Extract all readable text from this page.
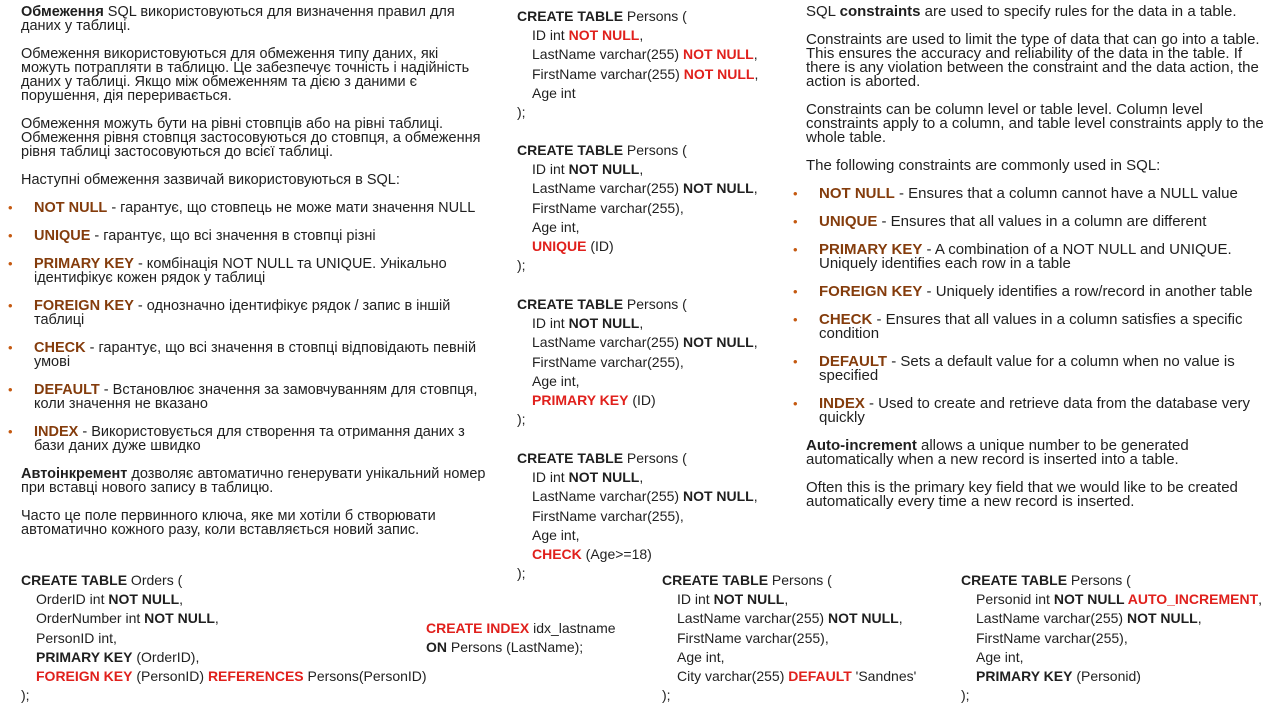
Обмеження SQL використовуються для визначення правил для даних у таблиці.

Обмеження використовуються для обмеження типу даних, які можуть потрапляти в таблицю. Це забезпечує точність і надійність даних у таблиці. Якщо між обмеженням та дією з даними є порушення, дія переривається.

Обмеження можуть бути на рівні стовпців або на рівні таблиці. Обмеження рівня стовпця застосовуються до стовпця, а обмеження рівня таблиці застосовуються до всієї таблиці.

Наступні обмеження зазвичай використовуються в SQL:

• NOT NULL - гарантує, що стовпець не може мати значення NULL

• UNIQUE - гарантує, що всі значення в стовпці різні

• PRIMARY KEY - комбінація NOT NULL та UNIQUE. Унікально ідентифікує кожен рядок у таблиці

• FOREIGN KEY - однозначно ідентифікує рядок / запис в іншій таблиці

• CHECK - гарантує, що всі значення в стовпці відповідають певній умові

• DEFAULT - Встановлює значення за замовчуванням для стовпця, коли значення не вказано

• INDEX - Використовується для створення та отримання даних з бази даних дуже швидко

Автоінкремент дозволяє автоматично генерувати унікальний номер при вставці нового запису в таблицю.

Часто це поле первинного ключа, яке ми хотіли б створювати автоматично кожного разу, коли вставляється новий запис.

SQL constraints are used to specify rules for the data in a table.

Constraints are used to limit the type of data that can go into a table. This ensures the accuracy and reliability of the data in the table. If there is any violation between the constraint and the data action, the action is aborted.

Constraints can be column level or table level. Column level constraints apply to a column, and table level constraints apply to the whole table.

The following constraints are commonly used in SQL:

• NOT NULL - Ensures that a column cannot have a NULL value

• UNIQUE - Ensures that all values in a column are different

• PRIMARY KEY - A combination of a NOT NULL and UNIQUE. Uniquely identifies each row in a table

• FOREIGN KEY - Uniquely identifies a row/record in another table

• CHECK - Ensures that all values in a column satisfies a specific condition

• DEFAULT - Sets a default value for a column when no value is specified

• INDEX - Used to create and retrieve data from the database very quickly

Auto-increment allows a unique number to be generated automatically when a new record is inserted into a table.

Often this is the primary key field that we would like to be created automatically every time a new record is inserted.

CREATE TABLE Persons (
ID int NOT NULL,
LastName varchar(255) NOT NULL,
FirstName varchar(255) NOT NULL,
Age int
);
CREATE TABLE Persons (
ID int NOT NULL,
LastName varchar(255) NOT NULL,
FirstName varchar(255),
Age int,
UNIQUE (ID)
);
CREATE TABLE Persons (
ID int NOT NULL,
LastName varchar(255) NOT NULL,
FirstName varchar(255),
Age int,
PRIMARY KEY (ID)
);
CREATE TABLE Persons (
ID int NOT NULL,
LastName varchar(255) NOT NULL,
FirstName varchar(255),
Age int,
CHECK (Age>=18)
);
CREATE TABLE Orders (
OrderID int NOT NULL,
OrderNumber int NOT NULL,
PersonID int,
PRIMARY KEY (OrderID),
FOREIGN KEY (PersonID) REFERENCES Persons(PersonID)
);
CREATE INDEX idx_lastname
ON Persons (LastName);
CREATE TABLE Persons (
ID int NOT NULL,
LastName varchar(255) NOT NULL,
FirstName varchar(255),
Age int,
City varchar(255) DEFAULT 'Sandnes'
);
CREATE TABLE Persons (
Personid int NOT NULL AUTO_INCREMENT,
LastName varchar(255) NOT NULL,
FirstName varchar(255),
Age int,
PRIMARY KEY (Personid)
);
